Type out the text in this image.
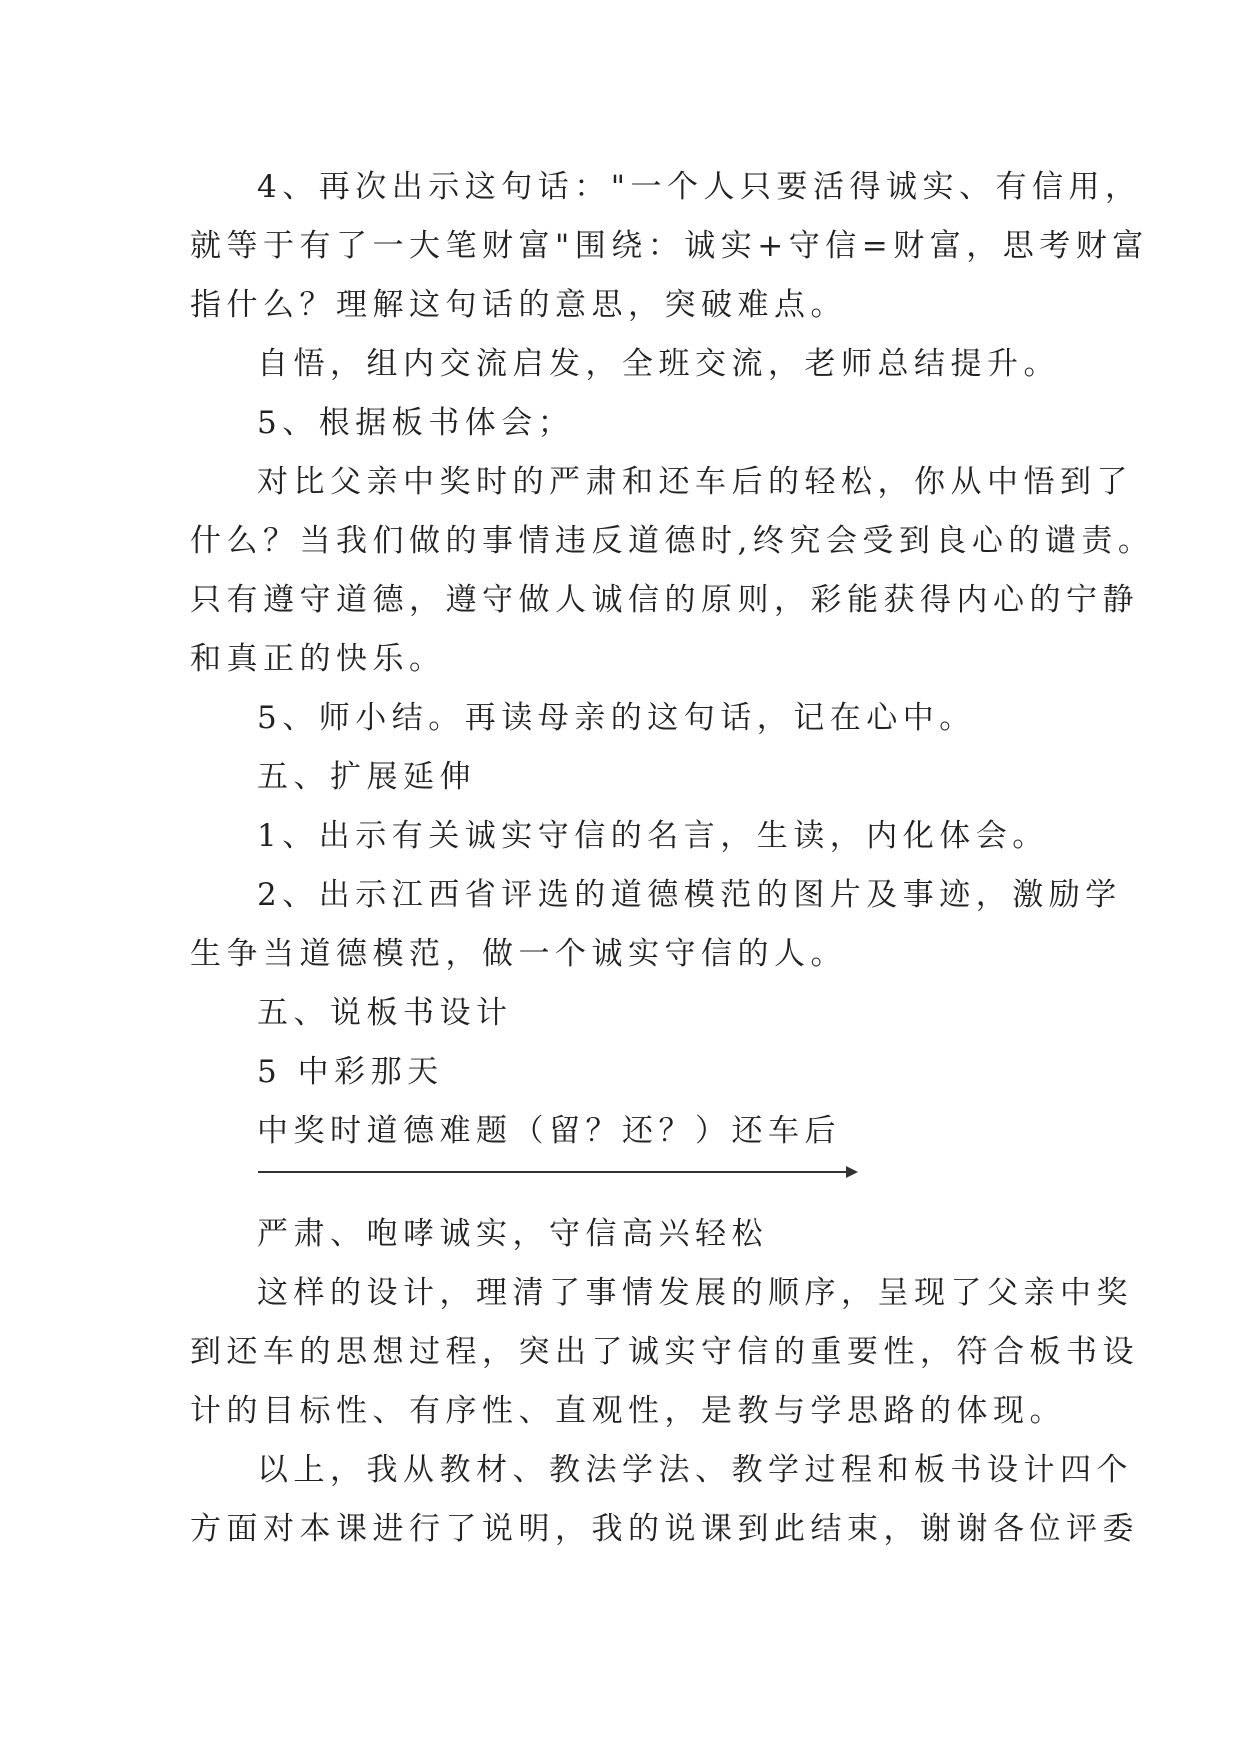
4、再次出示这句话："一个人只要活得诚实、有信用，
就等于有了一大笔财富"围绕：诚实+守信=财富，思考财富
指什么？理解这句话的意思，突破难点。
自悟，组内交流启发，全班交流，老师总结提升。
5、根据板书体会；
对比父亲中奖时的严肃和还车后的轻松，你从中悟到了
什么？当我们做的事情违反道德时,终究会受到良心的谴责。
只有遵守道德，遵守做人诚信的原则，彩能获得内心的宁静
和真正的快乐。
5、师小结。再读母亲的这句话，记在心中。
五、扩展延伸
1、出示有关诚实守信的名言，生读，内化体会。
2、出示江西省评选的道德模范的图片及事迹，激励学
生争当道德模范，做一个诚实守信的人。
五、说板书设计
5 中彩那天
中奖时道德难题（留？还？）还车后
严肃、咆哮诚实，守信高兴轻松
这样的设计，理清了事情发展的顺序，呈现了父亲中奖
到还车的思想过程，突出了诚实守信的重要性，符合板书设
计的目标性、有序性、直观性，是教与学思路的体现。
以上，我从教材、教法学法、教学过程和板书设计四个
方面对本课进行了说明，我的说课到此结束，谢谢各位评委
